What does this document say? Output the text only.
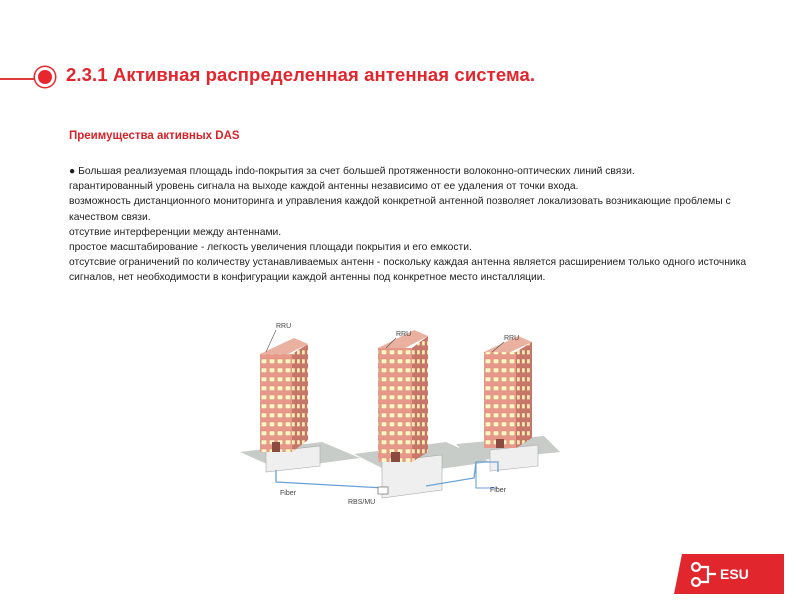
2.3.1 Активная распределенная антенная система.
Преимущества активных DAS

● Большая реализуемая площадь indo-покрытия за счет большей протяженности волоконно-оптических линий связи.

гарантированный уровень сигнала на выходе каждой антенны независимо от ее удаления от точки входа.

возможность дистанционного мониторинга и управления каждой конкретной антенной позволяет локализовать возникающие проблемы с качеством связи.

отсутвие интерференции между антеннами.

простое масштабирование - легкость увеличения площади покрытия и его емкости.

отсутсвие ограничений по количеству устанавливаемых антенн - поскольку каждая антенна является расширением только одного источника сигналов, нет необходимости в конфигурации каждой антенны под конкретное место инсталляции.

RRU
RRU
RRU
Fiber	Fiber
RBS/MU
ESU
